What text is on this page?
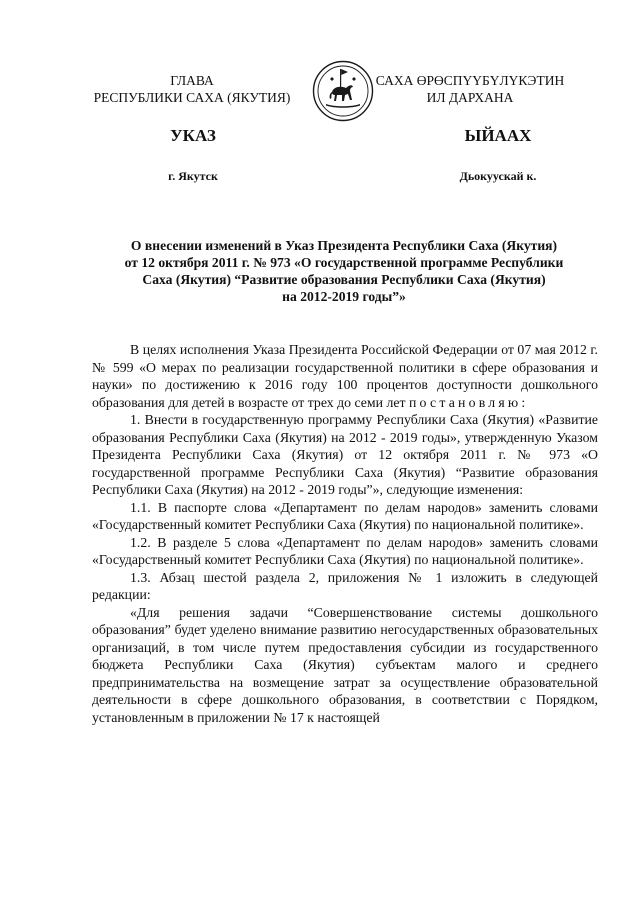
ГЛАВА
РЕСПУБЛИКИ САХА (ЯКУТИЯ)
САХА ӨРӨСПҮҮБҮЛҮКЭТИН
ИЛ ДАРХАНА
УКАЗ	ЫЙААХ
г. Якутск	Дьокуускай к.
О внесении изменений в Указ Президента Республики Саха (Якутия)
от 12 октября 2011 г. № 973 «О государственной программе Республики
Саха (Якутия) “Развитие образования Республики Саха (Якутия)
на 2012-2019 годы”»

В целях исполнения Указа Президента Российской Федерации от 07 мая 2012 г. № 599 «О мерах по реализации государственной политики в сфере образования и науки» по достижению к 2016 году 100 процентов доступности дошкольного образования для детей в возрасте от трех до семи лет постановляю:

1. Внести в государственную программу Республики Саха (Якутия) «Развитие образования Республики Саха (Якутия) на 2012 - 2019 годы», утвержденную Указом Президента Республики Саха (Якутия) от 12 октября 2011 г. № 973 «О государственной программе Республики Саха (Якутия) “Развитие образования Республики Саха (Якутия) на 2012 - 2019 годы”», следующие изменения:

1.1. В паспорте слова «Департамент по делам народов» заменить словами «Государственный комитет Республики Саха (Якутия) по национальной политике».

1.2. В разделе 5 слова «Департамент по делам народов» заменить словами «Государственный комитет Республики Саха (Якутия) по национальной политике».

1.3. Абзац шестой раздела 2, приложения № 1 изложить в следующей редакции:

«Для решения задачи “Совершенствование системы дошкольного образования” будет уделено внимание развитию негосударственных образовательных организаций, в том числе путем предоставления субсидии из государственного бюджета Республики Саха (Якутия) субъектам малого и среднего предпринимательства на возмещение затрат за осуществление образовательной деятельности в сфере дошкольного образования, в соответствии с Порядком, установленным в приложении № 17 к настоящей
